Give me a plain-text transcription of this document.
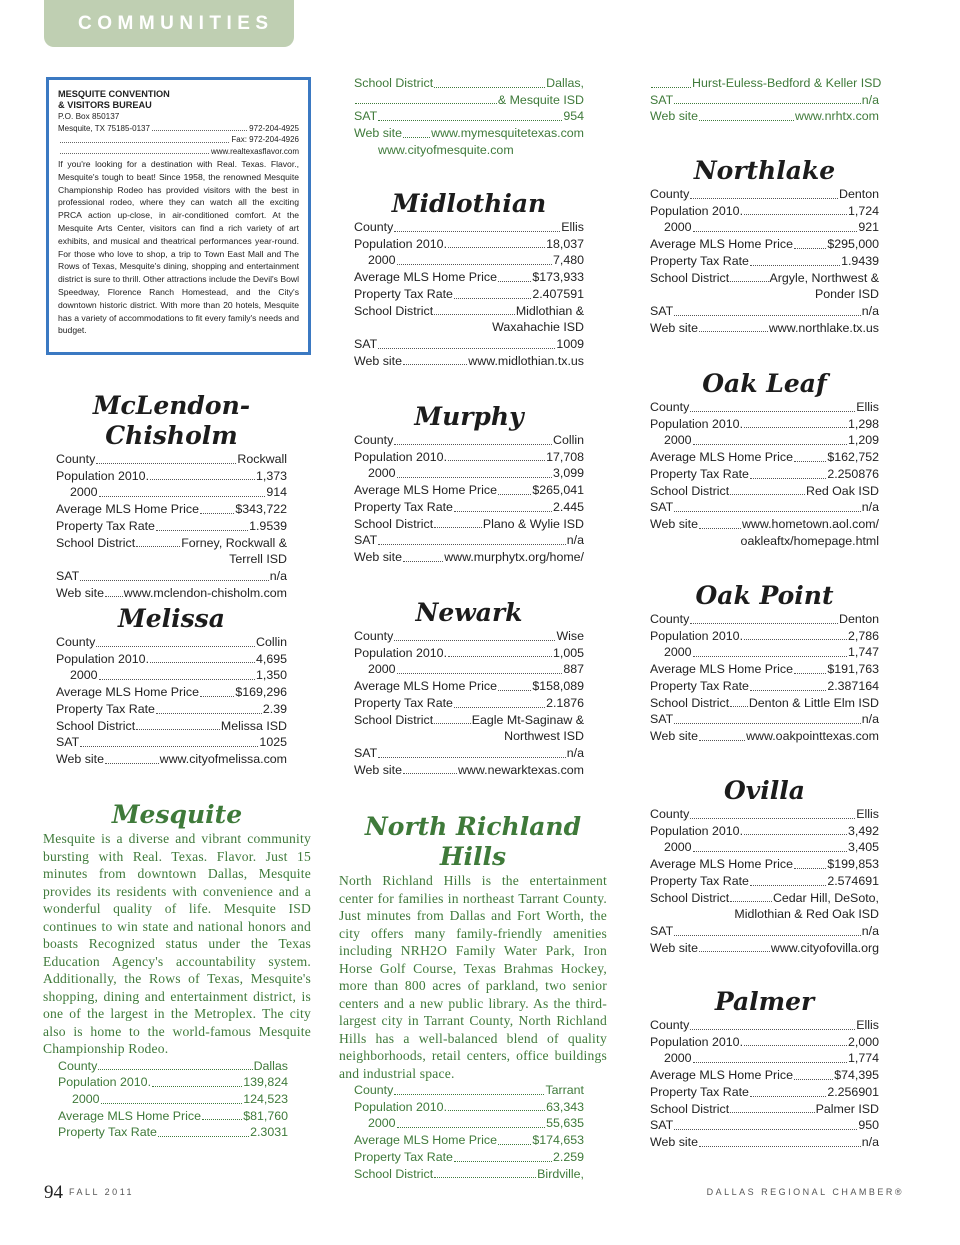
COMMUNITIES
MESQUITE CONVENTION
& VISITORS BUREAU
P.O. Box 850137
Mesquite, TX 75185-0137	972-204-4925
Fax: 972-204-4926
www.realtexasflavor.com

If you're looking for a destination with Real. Texas. Flavor., Mesquite's tough to beat! Since 1958, the renowned Mesquite Championship Rodeo has provided visitors with the best in professional rodeo, where they can watch all the exciting PRCA action up-close, in air-conditioned comfort. At the Mesquite Arts Center, visitors can find a rich variety of art exhibits, and musical and theatrical performances year-round. For those who love to shop, a trip to Town East Mall and The Rows of Texas, Mesquite's dining, shopping and entertainment district is sure to thrill. Other attractions include the Devil's Bowl Speedway, Florence Ranch Homestead, and the City's downtown historic district. With more than 20 hotels, Mesquite has a variety of accommodations to fit every family's needs and budget.

McLendon-Chisholm
County	Rockwall
Population 2010.	1,373
2000	914
Average MLS Home Price	$343,722
Property Tax Rate	1.9539
School District	Forney, Rockwall &
Terrell ISD
SAT	n/a
Web site www.mclendon-chisholm.com
Melissa
County	Collin
Population 2010.	4,695
2000	1,350
Average MLS Home Price	$169,296
Property Tax Rate	2.39
School District	Melissa ISD
SAT	1025
Web site	www.cityofmelissa.com
Mesquite

Mesquite is a diverse and vibrant community bursting with Real. Texas. Flavor. Just 15 minutes from downtown Dallas, Mesquite provides its residents with convenience and a wonderful quality of life. Mesquite ISD continues to win state and national honors and boasts Recognized status under the Texas Education Agency's accountability system. Additionally, the Rows of Texas, Mesquite's shopping, dining and entertainment district, is one of the largest in the Metroplex. The city also is home to the world-famous Mesquite Championship Rodeo.

County	Dallas
Population 2010.	139,824
2000	124,523
Average MLS Home Price	$81,760
Property Tax Rate	2.3031
School District	Dallas,
& Mesquite ISD
SAT	954
Web site www.mymesquitetexas.com
www.cityofmesquite.com
Midlothian
County	Ellis
Population 2010.	18,037
2000	7,480
Average MLS Home Price	$173,933
Property Tax Rate	2.407591
School District	Midlothian &
Waxahachie ISD
SAT	1009
Web site	www.midlothian.tx.us
Murphy
County	Collin
Population 2010.	17,708
2000	3,099
Average MLS Home Price	$265,041
Property Tax Rate	2.445
School District	Plano & Wylie ISD
SAT	n/a
Web site	www.murphytx.org/home/
Newark
County	Wise
Population 2010.	1,005
2000	887
Average MLS Home Price	$158,089
Property Tax Rate	2.1876
School District	Eagle Mt-Saginaw &
Northwest ISD
SAT	n/a
Web site	www.newarktexas.com
North Richland Hills

North Richland Hills is the entertainment center for families in northeast Tarrant County. Just minutes from Dallas and Fort Worth, the city offers many family-friendly amenities including NRH2O Family Water Park, Iron Horse Golf Course, Texas Brahmas Hockey, more than 800 acres of parkland, two senior centers and a new public library. As the third-largest city in Tarrant County, North Richland Hills has a well-balanced blend of quality neighborhoods, retail centers, office buildings and industrial space.

County	Tarrant
Population 2010.	63,343
2000	55,635
Average MLS Home Price	$174,653
Property Tax Rate	2.259
School District	Birdville,
Hurst-Euless-Bedford & Keller ISD
SAT	n/a
Web site	www.nrhtx.com
Northlake
County	Denton
Population 2010.	1,724
2000	921
Average MLS Home Price	$295,000
Property Tax Rate	1.9439
School District	Argyle, Northwest &
Ponder ISD
SAT	n/a
Web site	www.northlake.tx.us
Oak Leaf
County	Ellis
Population 2010.	1,298
2000	1,209
Average MLS Home Price	$162,752
Property Tax Rate	2.250876
School District	Red Oak ISD
SAT	n/a
Web site	www.hometown.aol.com/
oakleaftx/homepage.html
Oak Point
County	Denton
Population 2010.	2,786
2000	1,747
Average MLS Home Price	$191,763
Property Tax Rate	2.387164
School District Denton & Little Elm ISD
SAT	n/a
Web site	www.oakpointtexas.com
Ovilla
County	Ellis
Population 2010.	3,492
2000	3,405
Average MLS Home Price	$199,853
Property Tax Rate	2.574691
School District	Cedar Hill, DeSoto,
Midlothian & Red Oak ISD
SAT	n/a
Web site	www.cityofovilla.org
Palmer
County	Ellis
Population 2010.	2,000
2000	1,774
Average MLS Home Price	$74,395
Property Tax Rate	2.256901
School District	Palmer ISD
SAT	950
Web site	n/a
94 FALL 2011	DALLAS REGIONAL CHAMBER®
